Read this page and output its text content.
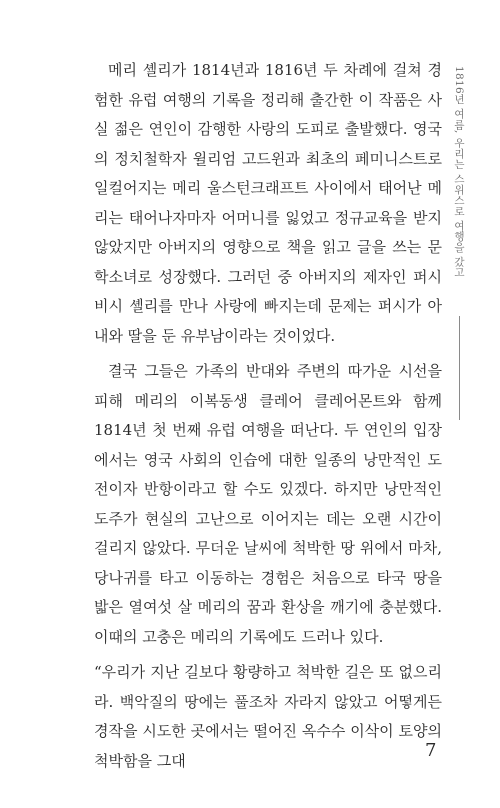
1816년 여름, 우리는 스위스로 여행을 갔고

메리 셸리가 1814년과 1816년 두 차례에 걸쳐 경험한 유럽 여행의 기록을 정리해 출간한 이 작품은 사실 젊은 연인이 감행한 사랑의 도피로 출발했다. 영국의 정치철학자 윌리엄 고드윈과 최초의 페미니스트로 일컬어지는 메리 울스턴크래프트 사이에서 태어난 메리는 태어나자마자 어머니를 잃었고 정규교육을 받지 않았지만 아버지의 영향으로 책을 읽고 글을 쓰는 문학소녀로 성장했다. 그러던 중 아버지의 제자인 퍼시 비시 셸리를 만나 사랑에 빠지는데 문제는 퍼시가 아내와 딸을 둔 유부남이라는 것이었다.

결국 그들은 가족의 반대와 주변의 따가운 시선을 피해 메리의 이복동생 클레어 클레어몬트와 함께 1814년 첫 번째 유럽 여행을 떠난다. 두 연인의 입장에서는 영국 사회의 인습에 대한 일종의 낭만적인 도전이자 반항이라고 할 수도 있겠다. 하지만 낭만적인 도주가 현실의 고난으로 이어지는 데는 오랜 시간이 걸리지 않았다. 무더운 날씨에 척박한 땅 위에서 마차, 당나귀를 타고 이동하는 경험은 처음으로 타국 땅을 밟은 열여섯 살 메리의 꿈과 환상을 깨기에 충분했다. 이때의 고충은 메리의 기록에도 드러나 있다.

“우리가 지난 길보다 황량하고 척박한 길은 또 없으리라. 백악질의 땅에는 풀조차 자라지 않았고 어떻게든 경작을 시도한 곳에서는 떨어진 옥수수 이삭이 토양의 척박함을 그대	7
